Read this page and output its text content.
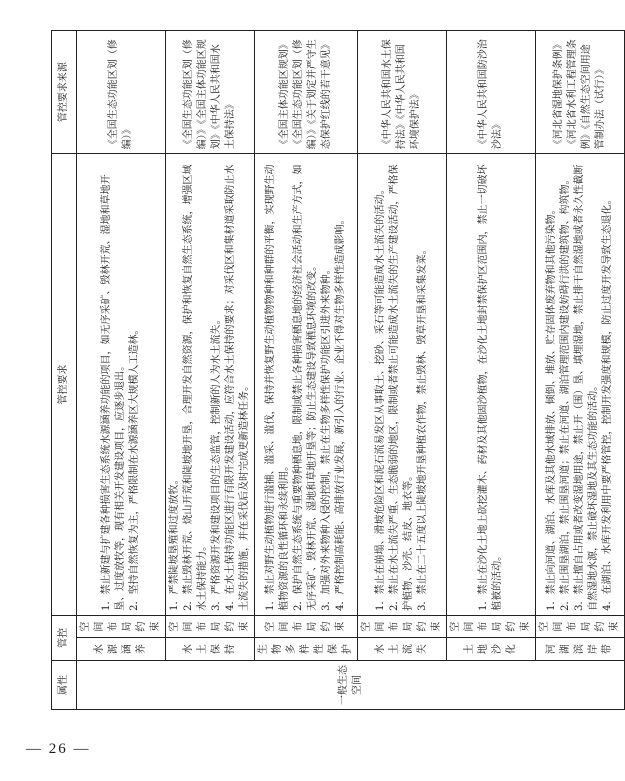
— 26 —
属性	管控		管控要求	管控要求来源
一般生态空间	水源涵养	空间布局约束	1．禁止新建与扩建各种损害生态系统水源涵养功能的项目，如无序采矿、毁林开荒、湿地和草地开垦、过度放牧等，现有相关开发建设项目，应逐步退出。 2．坚持自然恢复为主，严格限制在水源涵养区大规模人工造林。	《全国生态功能区划（修编）》
	水土保持	空间布局约束	1．严禁陡坡垦殖和过度放牧。 2．禁止毁林开荒、烧山开荒和陡坡地开垦，合理开发自然资源，保护和恢复自然生态系统，增强区域水土保持能力。 3．严格资源开发和建设项目的生态监管，控制新的人为水土流失。 4．在水土保持功能区进行有限开发建设活动，应符合水土保持的要求；对采伐区和集材道采取防止水土流失的措施，并在采伐后及时完成更新造林任务。	《全国生态功能区划（修编）》《全国主体功能区规划》《中华人民共和国水土保持法》
	生物多样性保护	空间布局约束	1．禁止对野生动植物进行滥捕、滥采、滥伐，保持并恢复野生动植物物种和种群的平衡，实现野生动植物资源的良性循环和永续利用。 2．保护自然生态系统与重要物种栖息地，限制或禁止各种损害栖息地的经济社会活动和生产方式，如无序采矿、毁林开荒、湿地和草地开垦等；防止生态建设导致栖息环境的改变。 3．加强对外来物种入侵的控制，禁止在生物多样性保护功能区引进外来物种。 4．严格控制高耗能、高排放行业发展，新引入的行业、企业不得对生物多样性造成影响。	《全国主体功能区规划》《全国生态功能区划（修编）》《关于划定并严守生态保护红线的若干意见》
	水土流失	空间布局约束	1．禁止在崩塌、滑坡危险区和泥石流易发区从事取土、挖砂、采石等可能造成水土流失的活动。 2．禁止在水土流失严重、生态脆弱的地区，限制或者禁止可能造成水土流失的生产建设活动，严格保护植物、沙壳、结皮、地衣等。 3．禁止在二十五度以上陡坡地开垦种植农作物，禁止毁林、毁草开垦和采集发菜。	《中华人民共和国水土保持法》《中华人民共和国环境保护法》
	土地沙化	空间布局约束	1．禁止在沙化土地上砍挖灌木、药材及其他固沙植物，在沙化土地封禁保护区范围内，禁止一切破坏植被的活动。	《中华人民共和国防沙治沙法》
	河湖滨岸带	空间布局约束	1．禁止向河道、湖泊、水库及其他水域排放、倾倒、堆放、贮存固体废弃物和其他污染物。 2．禁止围垦湖泊，禁止围垦河道；禁止在河道、湖泊管理范围内建设妨碍行洪的建筑物、构筑物。 3．禁止擅自占用或者改变湿地用途，禁止开（围）垦、填埋湿地，禁止排干自然湿地或者永久性截断自然湿地水源，禁止破坏湿地及其生态功能的活动。 4．在湖泊、水库开发利用中要严格管控，控制开发强度和规模，防止过度开发导致生态退化。	《河北省湿地保护条例》《河北省水利工程管理条例》《自然生态空间用途管制办法（试行）》
